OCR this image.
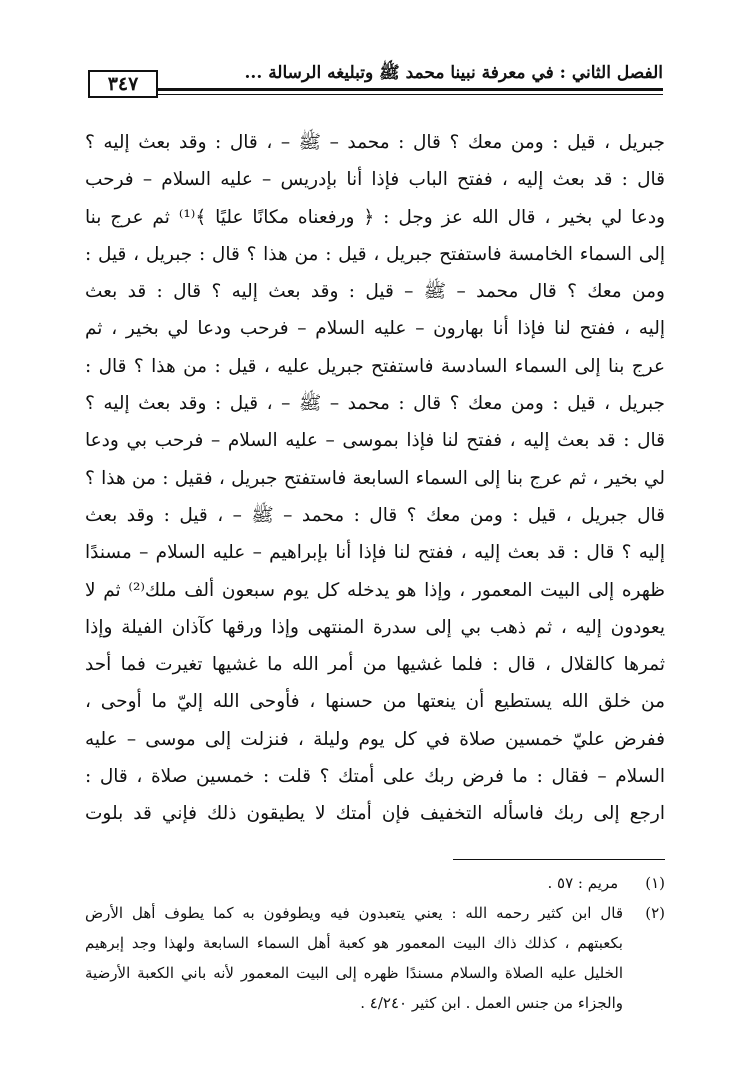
٣٤٧	الفصل الثاني : في معرفة نبينا محمد ﷺ وتبليغه الرسالة ...
جبريل ، قيل : ومن معك ؟ قال : محمد – ﷺ – ، قال : وقد بعث إليه ؟
قال : قد بعث إليه ، ففتح الباب فإذا أنا بإدريس – عليه السلام – فرحب
ودعا لي بخير ، قال الله عز وجل : ﴿ ورفعناه مكانًا عليًا ﴾⁽¹⁾ ثم عرج بنا
إلى السماء الخامسة فاستفتح جبريل ، قيل : من هذا ؟ قال : جبريل ، قيل :
ومن معك ؟ قال محمد – ﷺ – قيل : وقد بعث إليه ؟ قال : قد بعث
إليه ، ففتح لنا فإذا أنا بهارون – عليه السلام – فرحب ودعا لي بخير ، ثم
عرج بنا إلى السماء السادسة فاستفتح جبريل عليه ، قيل : من هذا ؟ قال :
جبريل ، قيل : ومن معك ؟ قال : محمد – ﷺ – ، قيل : وقد بعث إليه ؟
قال : قد بعث إليه ، ففتح لنا فإذا بموسى – عليه السلام – فرحب بي ودعا
لي بخير ، ثم عرج بنا إلى السماء السابعة فاستفتح جبريل ، فقيل : من هذا ؟
قال جبريل ، قيل : ومن معك ؟ قال : محمد – ﷺ – ، قيل : وقد بعث
إليه ؟ قال : قد بعث إليه ، ففتح لنا فإذا أنا بإبراهيم – عليه السلام – مسندًا
ظهره إلى البيت المعمور ، وإذا هو يدخله كل يوم سبعون ألف ملك⁽²⁾ ثم لا
يعودون إليه ، ثم ذهب بي إلى سدرة المنتهى وإذا ورقها كآذان الفيلة وإذا
ثمرها كالقلال ، قال : فلما غشيها من أمر الله ما غشيها تغيرت فما أحد
من خلق الله يستطيع أن ينعتها من حسنها ، فأوحى الله إليّ ما أوحى ،
ففرض عليّ خمسين صلاة في كل يوم وليلة ، فنزلت إلى موسى – عليه
السلام – فقال : ما فرض ربك على أمتك ؟ قلت : خمسين صلاة ، قال :
ارجع إلى ربك فاسأله التخفيف فإن أمتك لا يطيقون ذلك فإني قد بلوت
(١) مريم : ٥٧ .
(٢)قال ابن كثير رحمه الله : يعني يتعبدون فيه ويطوفون به كما يطوف أهل الأرض
بكعبتهم ، كذلك ذاك البيت المعمور هو كعبة أهل السماء السابعة ولهذا وجد إبرهيم
الخليل عليه الصلاة والسلام مسندًا ظهره إلى البيت المعمور لأنه باني الكعبة الأرضية
والجزاء من جنس العمل . ابن كثير ٤/٢٤٠ .
